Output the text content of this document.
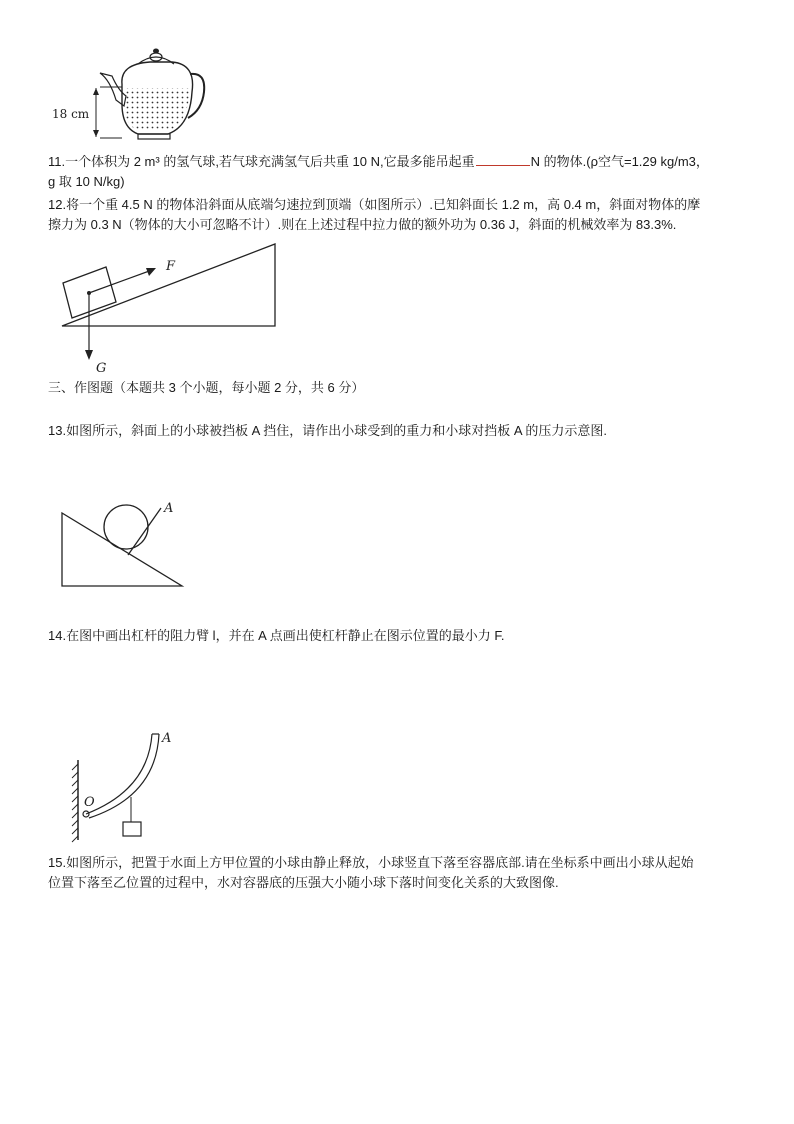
18 cm
11.一个体积为 2 m³ 的氢气球,若气球充满氢气后共重 10 N,它最多能吊起重	N 的物体.(ρ空气=1.29 kg/m3，
g 取 10 N/kg)
12.将一个重 4.5 N 的物体沿斜面从底端匀速拉到顶端（如图所示）.已知斜面长 1.2 m，高 0.4 m，斜面对物体的摩
擦力为 0.3 N（物体的大小可忽略不计）.则在上述过程中拉力做的额外功为 0.36 J，斜面的机械效率为 83.3%.
F
G
三、作图题（本题共 3 个小题，每小题 2 分，共 6 分）
13.如图所示，斜面上的小球被挡板 A 挡住，请作出小球受到的重力和小球对挡板 A 的压力示意图.
A
14.在图中画出杠杆的阻力臂 l，并在 A 点画出使杠杆静止在图示位置的最小力 F.
O
A
15.如图所示，把置于水面上方甲位置的小球由静止释放，小球竖直下落至容器底部.请在坐标系中画出小球从起始
位置下落至乙位置的过程中，水对容器底的压强大小随小球下落时间变化关系的大致图像.
